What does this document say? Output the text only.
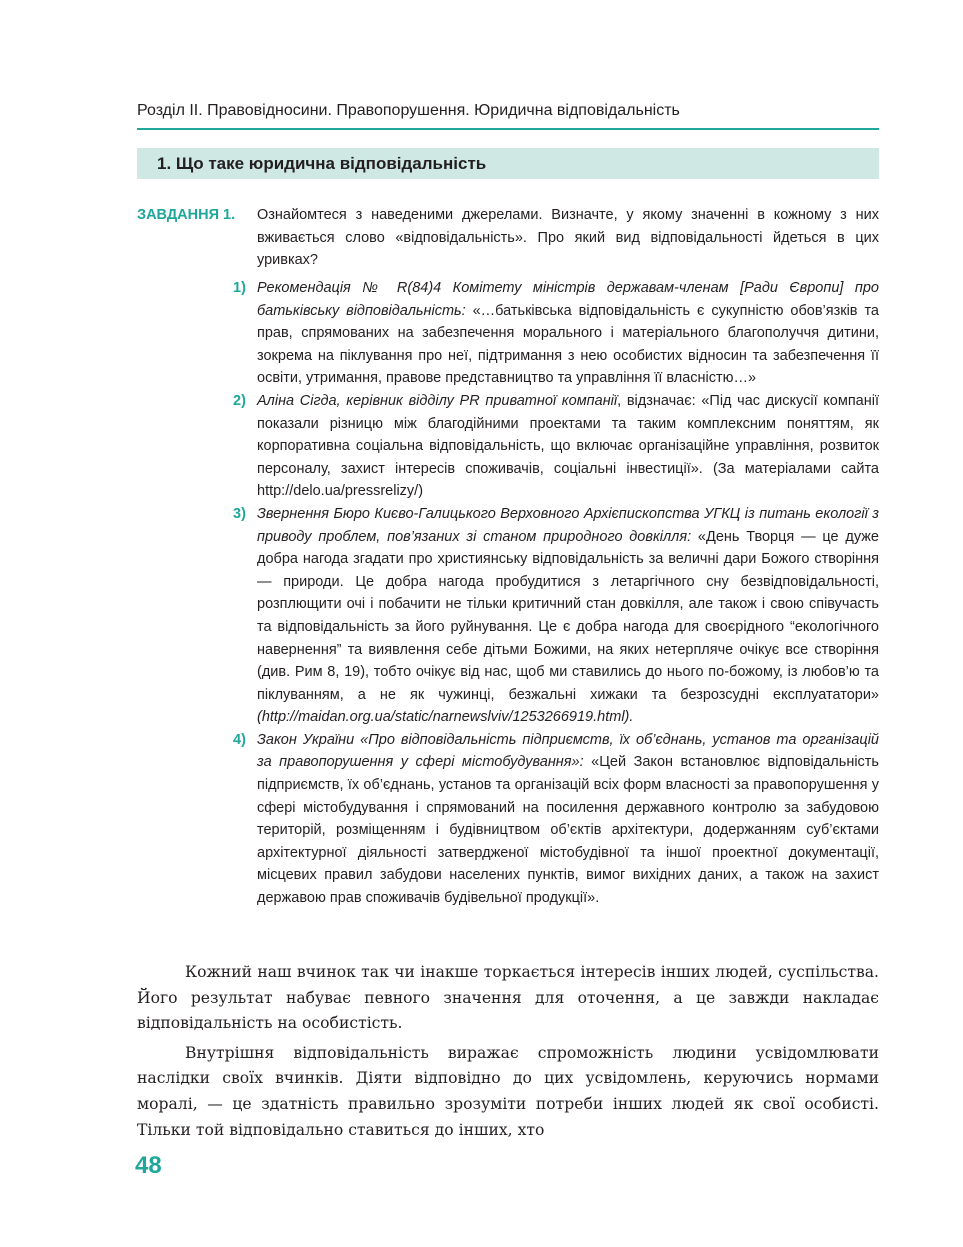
Розділ ІІ. Правовідносини. Правопорушення. Юридична відповідальність
1. Що таке юридична відповідальність
ЗАВДАННЯ 1. Ознайомтеся з наведеними джерелами. Визначте, у якому значенні в кожному з них вживається слово «відповідальність». Про який вид відповідальності йдеться в цих уривках?

1) Рекомендація № R(84)4 Комітету міністрів державам-членам [Ради Європи] про батьківську відповідальність: «…батьківська відповідальність є сукупністю обов’язків та прав, спрямованих на забезпечення морального і матеріального благополуччя дитини, зокрема на піклування про неї, підтримання з нею особистих відносин та забезпечення її освіти, утримання, правове представництво та управління її власністю…»
2) Аліна Сігда, керівник відділу PR приватної компанії, відзначає: «Під час дискусії компанії показали різницю між благодійними проектами та таким комплексним поняттям, як корпоративна соціальна відповідальність, що включає організаційне управління, розвиток персоналу, захист інтересів споживачів, соціальні інвестиції». (За матеріалами сайта http://delo.ua/pressrelizy/)
3) Звернення Бюро Києво-Галицького Верховного Архієпископства УГКЦ із питань екології з приводу проблем, пов’язаних зі станом природного довкілля: «День Творця — це дуже добра нагода згадати про християнську відповідальність за величні дари Божого створіння — природи. Це добра нагода пробудитися з летаргічного сну безвідповідальності, розплющити очі і побачити не тільки критичний стан довкілля, але також і свою співучасть та відповідальність за його руйнування. Це є добра нагода для своєрідного “екологічного навернення” та виявлення себе дітьми Божими, на яких нетерпляче очікує все створіння (див. Рим 8, 19), тобто очікує від нас, щоб ми ставились до нього по-божому, із любов’ю та піклуванням, а не як чужинці, безжальні хижаки та безрозсудні експлуататори» (http://maidan.org.ua/static/narnewslviv/1253266919.html).
4) Закон України «Про відповідальність підприємств, їх об’єднань, установ та організацій за правопорушення у сфері містобудування»: «Цей Закон встановлює відповідальність підприємств, їх об’єднань, установ та організацій всіх форм власності за правопорушення у сфері містобудування і спрямований на посилення державного контролю за забудовою територій, розміщенням і будівництвом об’єктів архітектури, додержанням суб’єктами архітектурної діяльності затвердженої містобудівної та іншої проектної документації, місцевих правил забудови населених пунктів, вимог вихідних даних, а також на захист державою прав споживачів будівельної продукції».

Кожний наш вчинок так чи інакше торкається інтересів інших людей, суспільства. Його результат набуває певного значення для оточення, а це завжди накладає відповідальність на особистість.

Внутрішня відповідальність виражає спроможність людини усвідомлювати наслідки своїх вчинків. Діяти відповідно до цих усвідомлень, керуючись нормами моралі, — це здатність правильно зрозуміти потреби інших людей як свої особисті. Тільки той відповідально ставиться до інших, хто

48
